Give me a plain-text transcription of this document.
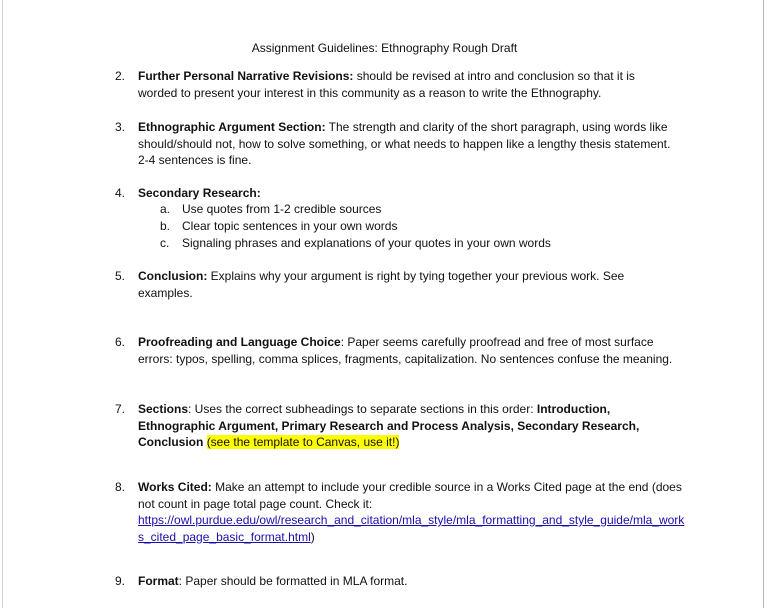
Assignment Guidelines: Ethnography Rough Draft
2. Further Personal Narrative Revisions: should be revised at intro and conclusion so that it is worded to present your interest in this community as a reason to write the Ethnography.
3. Ethnographic Argument Section: The strength and clarity of the short paragraph, using words like should/should not, how to solve something, or what needs to happen like a lengthy thesis statement. 2-4 sentences is fine.
4. Secondary Research:
a. Use quotes from 1-2 credible sources
b. Clear topic sentences in your own words
c. Signaling phrases and explanations of your quotes in your own words
5. Conclusion: Explains why your argument is right by tying together your previous work. See examples.
6. Proofreading and Language Choice: Paper seems carefully proofread and free of most surface errors: typos, spelling, comma splices, fragments, capitalization. No sentences confuse the meaning.
7. Sections: Uses the correct subheadings to separate sections in this order: Introduction, Ethnographic Argument, Primary Research and Process Analysis, Secondary Research, Conclusion (see the template to Canvas, use it!)
8. Works Cited: Make an attempt to include your credible source in a Works Cited page at the end (does not count in page total page count. Check it:
https://owl.purdue.edu/owl/research_and_citation/mla_style/mla_formatting_and_style_guide/mla_works_cited_page_basic_format.html)
9. Format: Paper should be formatted in MLA format.
